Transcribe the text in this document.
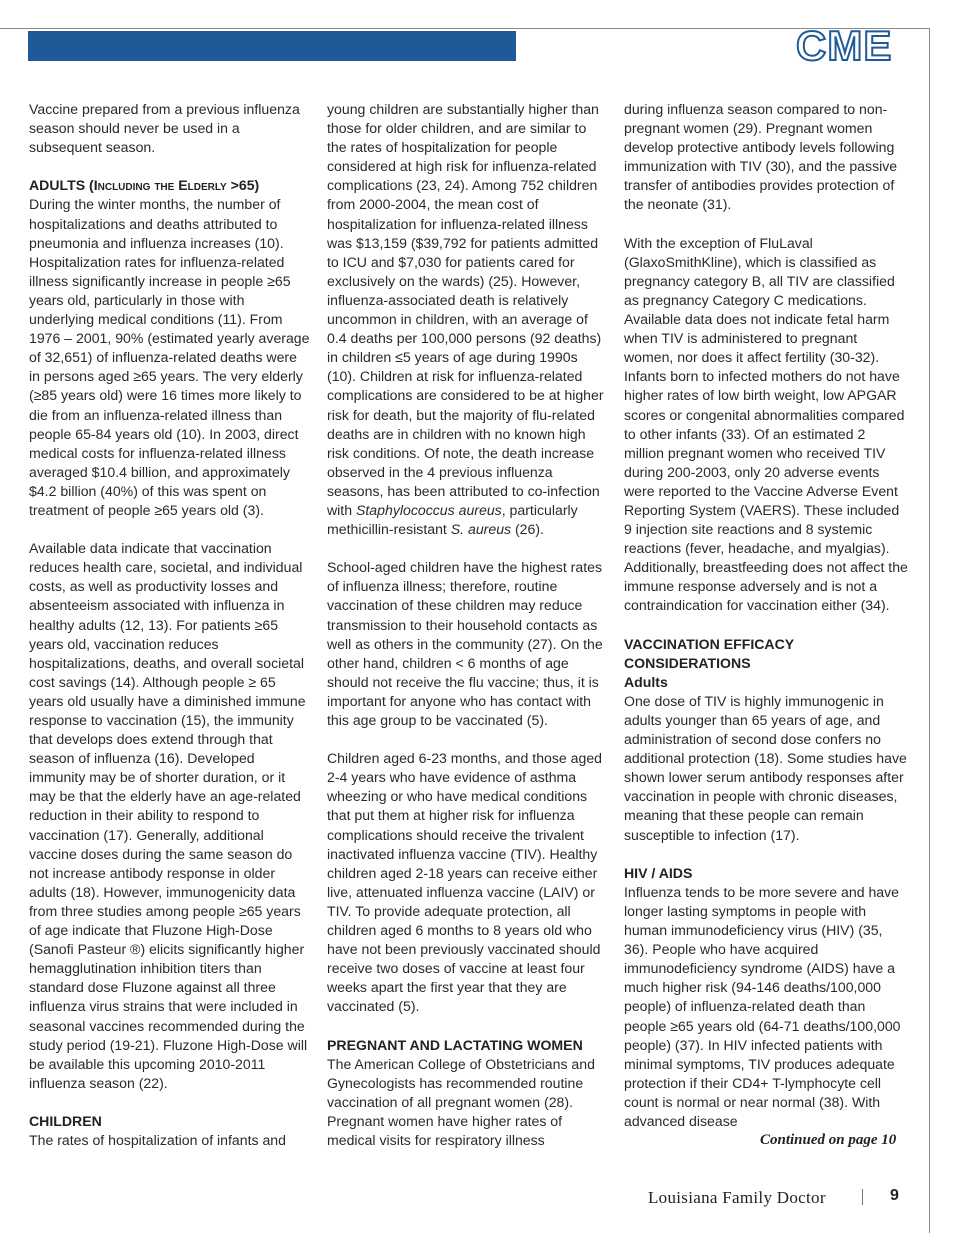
CME

Vaccine prepared from a previous influenza season should never be used in a subsequent season.

ADULTS (Including the Elderly >65)

During the winter months, the number of hospitalizations and deaths attributed to pneumonia and influenza increases (10). Hospitalization rates for influenza-related illness significantly increase in people ≥65 years old, particularly in those with underlying medical conditions (11). From 1976 – 2001, 90% (estimated yearly average of 32,651) of influenza-related deaths were in persons aged ≥65 years. The very elderly (≥85 years old) were 16 times more likely to die from an influenza-related illness than people 65-84 years old (10). In 2003, direct medical costs for influenza-related illness averaged $10.4 billion, and approximately $4.2 billion (40%) of this was spent on treatment of people ≥65 years old (3).

Available data indicate that vaccination reduces health care, societal, and individual costs, as well as productivity losses and absenteeism associated with influenza in healthy adults (12, 13). For patients ≥65 years old, vaccination reduces hospitalizations, deaths, and overall societal cost savings (14). Although people ≥ 65 years old usually have a diminished immune response to vaccination (15), the immunity that develops does extend through that season of influenza (16). Developed immunity may be of shorter duration, or it may be that the elderly have an age-related reduction in their ability to respond to vaccination (17). Generally, additional vaccine doses during the same season do not increase antibody response in older adults (18). However, immunogenicity data from three studies among people ≥65 years of age indicate that Fluzone High-Dose (Sanofi Pasteur ®) elicits significantly higher hemagglutination inhibition titers than standard dose Fluzone against all three influenza virus strains that were included in seasonal vaccines recommended during the study period (19-21). Fluzone High-Dose will be available this upcoming 2010-2011 influenza season (22).

CHILDREN

The rates of hospitalization of infants and

young children are substantially higher than those for older children, and are similar to the rates of hospitalization for people considered at high risk for influenza-related complications (23, 24). Among 752 children from 2000-2004, the mean cost of hospitalization for influenza-related illness was $13,159 ($39,792 for patients admitted to ICU and $7,030 for patients cared for exclusively on the wards) (25). However, influenza-associated death is relatively uncommon in children, with an average of 0.4 deaths per 100,000 persons (92 deaths) in children ≤5 years of age during 1990s (10). Children at risk for influenza-related complications are considered to be at higher risk for death, but the majority of flu-related deaths are in children with no known high risk conditions. Of note, the death increase observed in the 4 previous influenza seasons, has been attributed to co-infection with Staphylococcus aureus, particularly methicillin-resistant S. aureus (26).

School-aged children have the highest rates of influenza illness; therefore, routine vaccination of these children may reduce transmission to their household contacts as well as others in the community (27). On the other hand, children < 6 months of age should not receive the flu vaccine; thus, it is important for anyone who has contact with this age group to be vaccinated (5).

Children aged 6-23 months, and those aged 2-4 years who have evidence of asthma wheezing or who have medical conditions that put them at higher risk for influenza complications should receive the trivalent inactivated influenza vaccine (TIV). Healthy children aged 2-18 years can receive either live, attenuated influenza vaccine (LAIV) or TIV. To provide adequate protection, all children aged 6 months to 8 years old who have not been previously vaccinated should receive two doses of vaccine at least four weeks apart the first year that they are vaccinated (5).

PREGNANT AND LACTATING WOMEN

The American College of Obstetricians and Gynecologists has recommended routine vaccination of all pregnant women (28). Pregnant women have higher rates of medical visits for respiratory illness

during influenza season compared to non-pregnant women (29). Pregnant women develop protective antibody levels following immunization with TIV (30), and the passive transfer of antibodies provides protection of the neonate (31).

With the exception of FluLaval (GlaxoSmithKline), which is classified as pregnancy category B, all TIV are classified as pregnancy Category C medications. Available data does not indicate fetal harm when TIV is administered to pregnant women, nor does it affect fertility (30-32). Infants born to infected mothers do not have higher rates of low birth weight, low APGAR scores or congenital abnormalities compared to other infants (33). Of an estimated 2 million pregnant women who received TIV during 200-2003, only 20 adverse events were reported to the Vaccine Adverse Event Reporting System (VAERS). These included 9 injection site reactions and 8 systemic reactions (fever, headache, and myalgias). Additionally, breastfeeding does not affect the immune response adversely and is not a contraindication for vaccination either (34).

VACCINATION EFFICACY
CONSIDERATIONS
Adults

One dose of TIV is highly immunogenic in adults younger than 65 years of age, and administration of second dose confers no additional protection (18). Some studies have shown lower serum antibody responses after vaccination in people with chronic diseases, meaning that these people can remain susceptible to infection (17).

HIV / AIDS

Influenza tends to be more severe and have longer lasting symptoms in people with human immunodeficiency virus (HIV) (35, 36). People who have acquired immunodeficiency syndrome (AIDS) have a much higher risk (94-146 deaths/100,000 people) of influenza-related death than people ≥65 years old (64-71 deaths/100,000 people) (37). In HIV infected patients with minimal symptoms, TIV produces adequate protection if their CD4+ T-lymphocyte cell count is normal or near normal (38). With advanced disease

Continued on page 10
Louisiana Family Doctor	9
